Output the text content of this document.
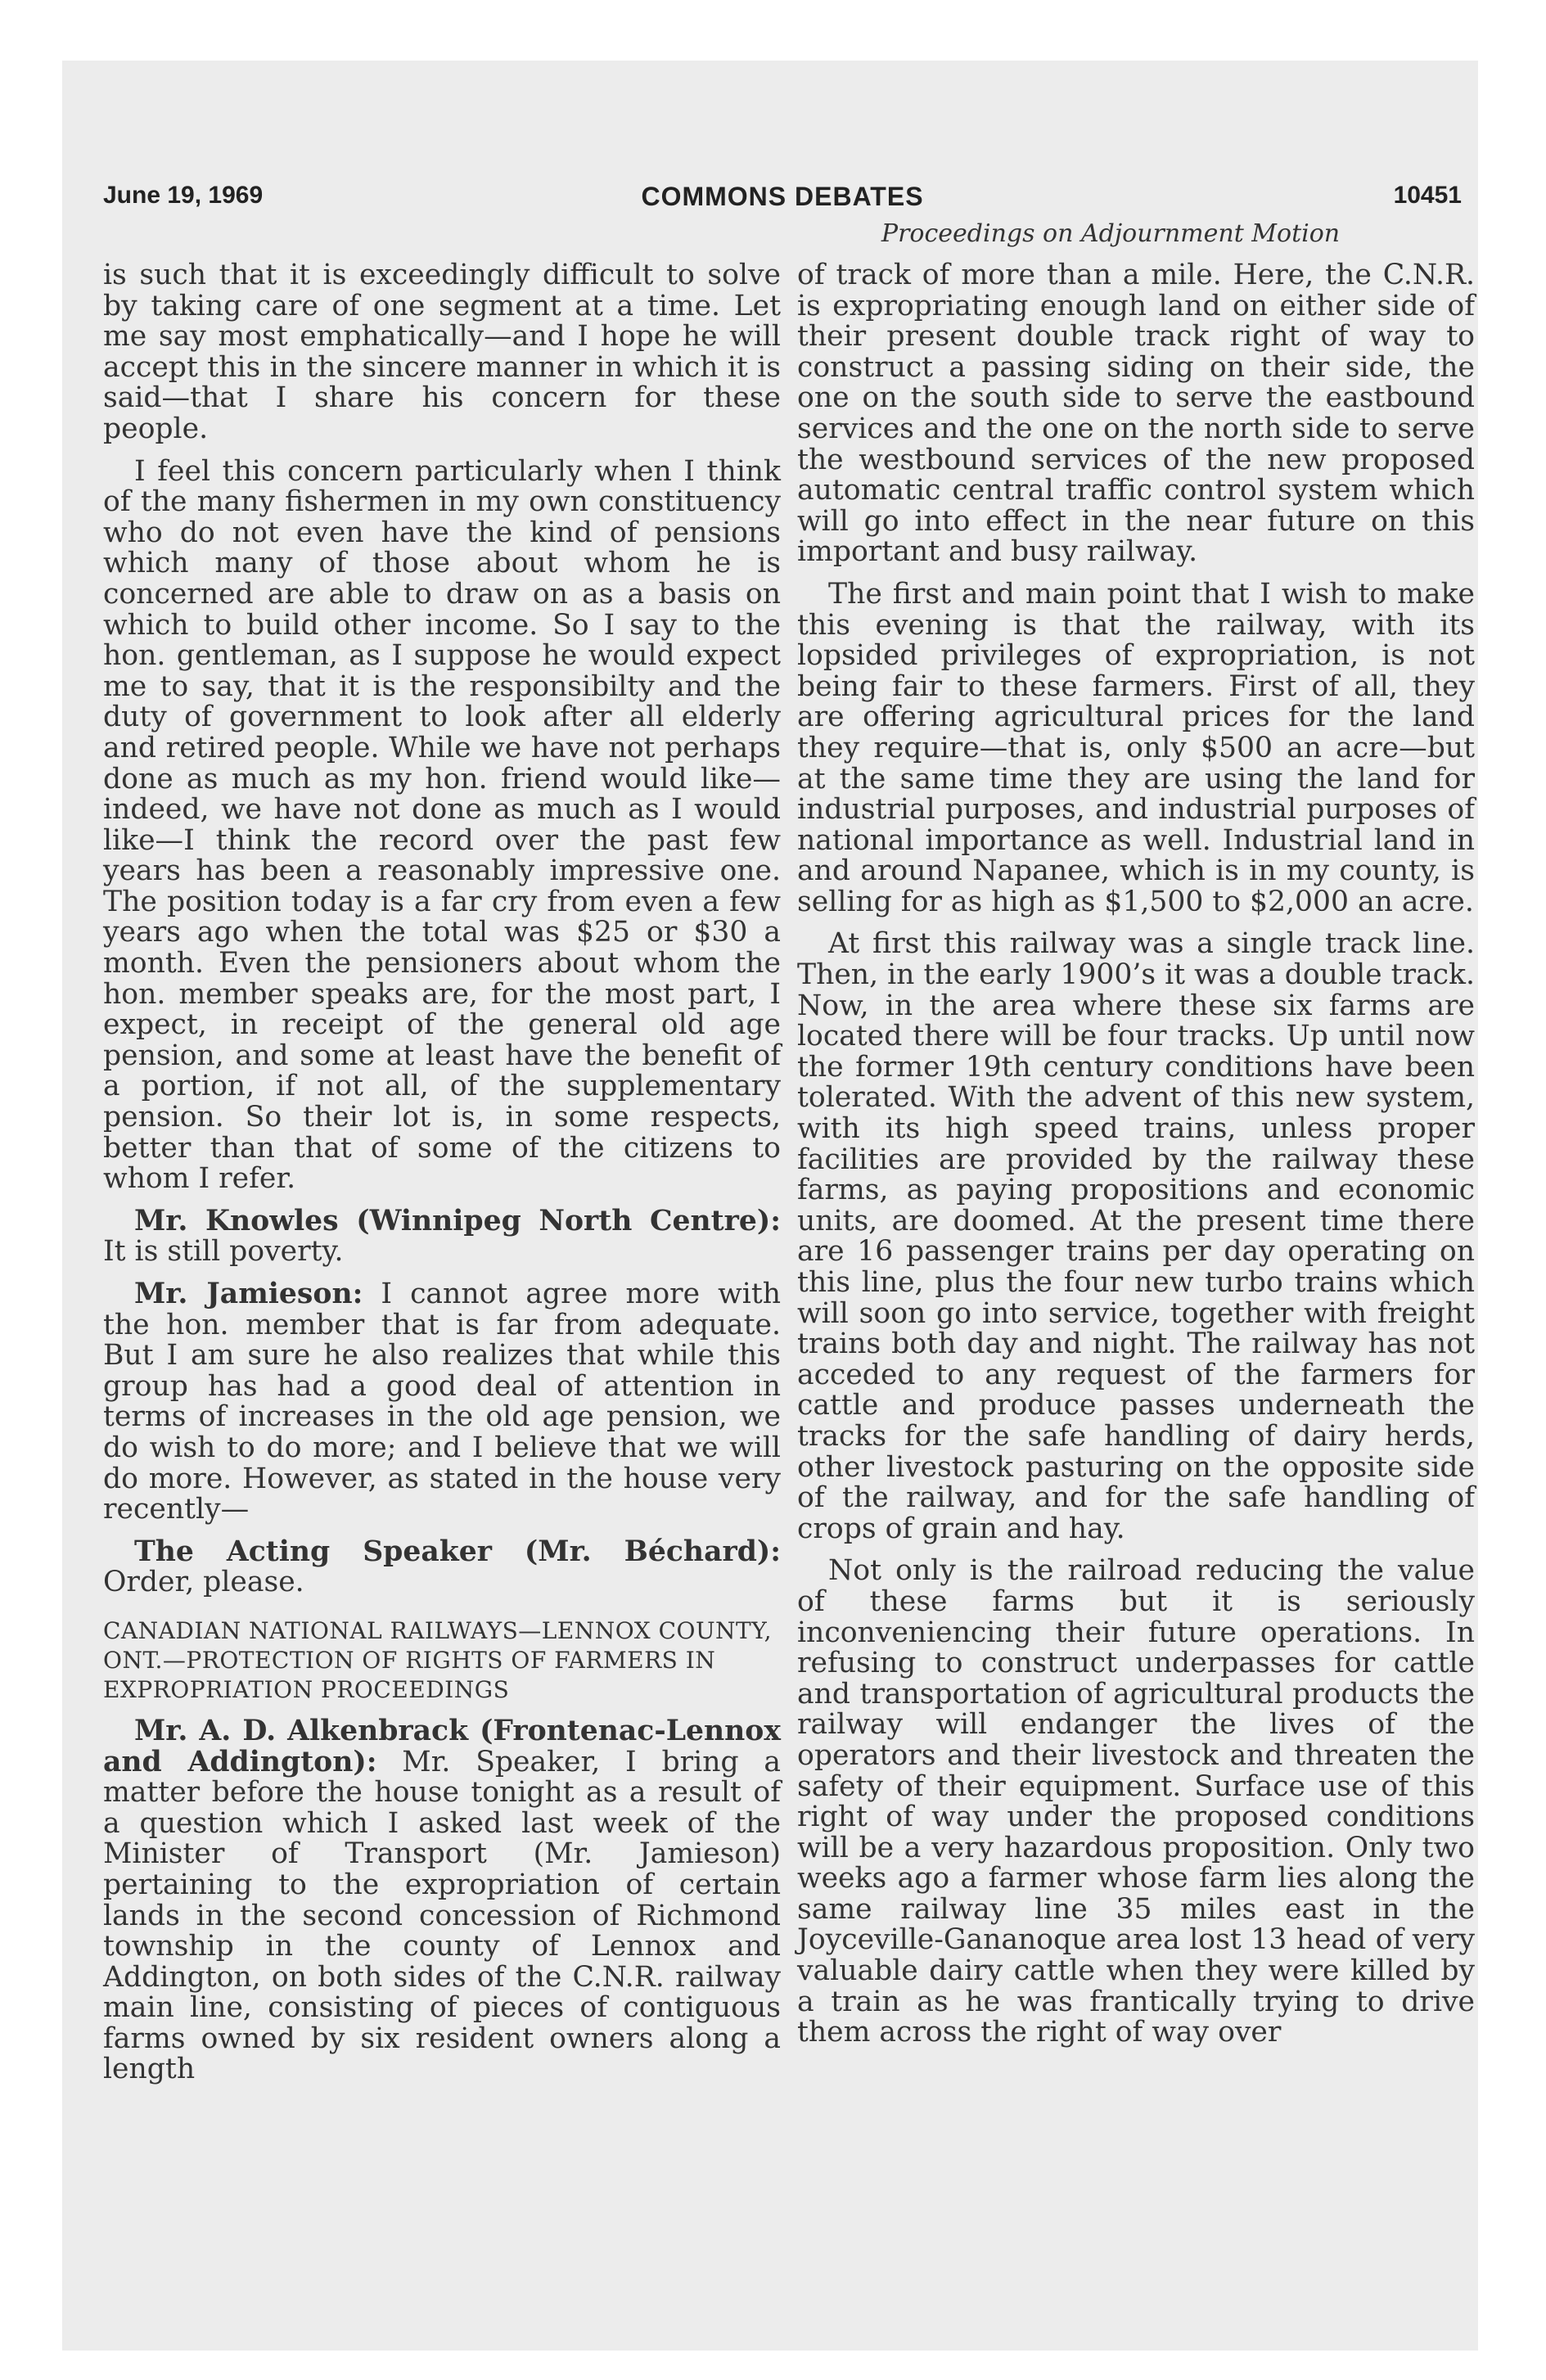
June 19, 1969	COMMONS DEBATES	10451
Proceedings on Adjournment Motion

is such that it is exceedingly difficult to solve by taking care of one segment at a time. Let me say most emphatically—and I hope he will accept this in the sincere manner in which it is said—that I share his concern for these people.

I feel this concern particularly when I think of the many fishermen in my own constituency who do not even have the kind of pensions which many of those about whom he is concerned are able to draw on as a basis on which to build other income. So I say to the hon. gentleman, as I suppose he would expect me to say, that it is the responsibilty and the duty of government to look after all elderly and retired people. While we have not perhaps done as much as my hon. friend would like—indeed, we have not done as much as I would like—I think the record over the past few years has been a reasonably impressive one. The position today is a far cry from even a few years ago when the total was $25 or $30 a month. Even the pensioners about whom the hon. member speaks are, for the most part, I expect, in receipt of the general old age pension, and some at least have the benefit of a portion, if not all, of the supplementary pension. So their lot is, in some respects, better than that of some of the citizens to whom I refer.

Mr. Knowles (Winnipeg North Centre): It is still poverty.

Mr. Jamieson: I cannot agree more with the hon. member that is far from adequate. But I am sure he also realizes that while this group has had a good deal of attention in terms of increases in the old age pension, we do wish to do more; and I believe that we will do more. However, as stated in the house very recently—

The Acting Speaker (Mr. Béchard): Order, please.

CANADIAN NATIONAL RAILWAYS—LENNOX COUNTY, ONT.—PROTECTION OF RIGHTS OF FARMERS IN EXPROPRIATION PROCEEDINGS

Mr. A. D. Alkenbrack (Frontenac-Lennox and Addington): Mr. Speaker, I bring a matter before the house tonight as a result of a question which I asked last week of the Minister of Transport (Mr. Jamieson) pertaining to the expropriation of certain lands in the second concession of Richmond township in the county of Lennox and Addington, on both sides of the C.N.R. railway main line, consisting of pieces of contiguous farms owned by six resident owners along a length

of track of more than a mile. Here, the C.N.R. is expropriating enough land on either side of their present double track right of way to construct a passing siding on their side, the one on the south side to serve the eastbound services and the one on the north side to serve the westbound services of the new proposed automatic central traffic control system which will go into effect in the near future on this important and busy railway.

The first and main point that I wish to make this evening is that the railway, with its lopsided privileges of expropriation, is not being fair to these farmers. First of all, they are offering agricultural prices for the land they require—that is, only $500 an acre—but at the same time they are using the land for industrial purposes, and industrial purposes of national importance as well. Industrial land in and around Napanee, which is in my county, is selling for as high as $1,500 to $2,000 an acre.

At first this railway was a single track line. Then, in the early 1900’s it was a double track. Now, in the area where these six farms are located there will be four tracks. Up until now the former 19th century conditions have been tolerated. With the advent of this new system, with its high speed trains, unless proper facilities are provided by the railway these farms, as paying propositions and economic units, are doomed. At the present time there are 16 passenger trains per day operating on this line, plus the four new turbo trains which will soon go into service, together with freight trains both day and night. The railway has not acceded to any request of the farmers for cattle and produce passes underneath the tracks for the safe handling of dairy herds, other livestock pasturing on the opposite side of the railway, and for the safe handling of crops of grain and hay.

Not only is the railroad reducing the value of these farms but it is seriously inconveniencing their future operations. In refusing to construct underpasses for cattle and transportation of agricultural products the railway will endanger the lives of the operators and their livestock and threaten the safety of their equipment. Surface use of this right of way under the proposed conditions will be a very hazardous proposition. Only two weeks ago a farmer whose farm lies along the same railway line 35 miles east in the Joyceville-Gananoque area lost 13 head of very valuable dairy cattle when they were killed by a train as he was frantically trying to drive them across the right of way over
